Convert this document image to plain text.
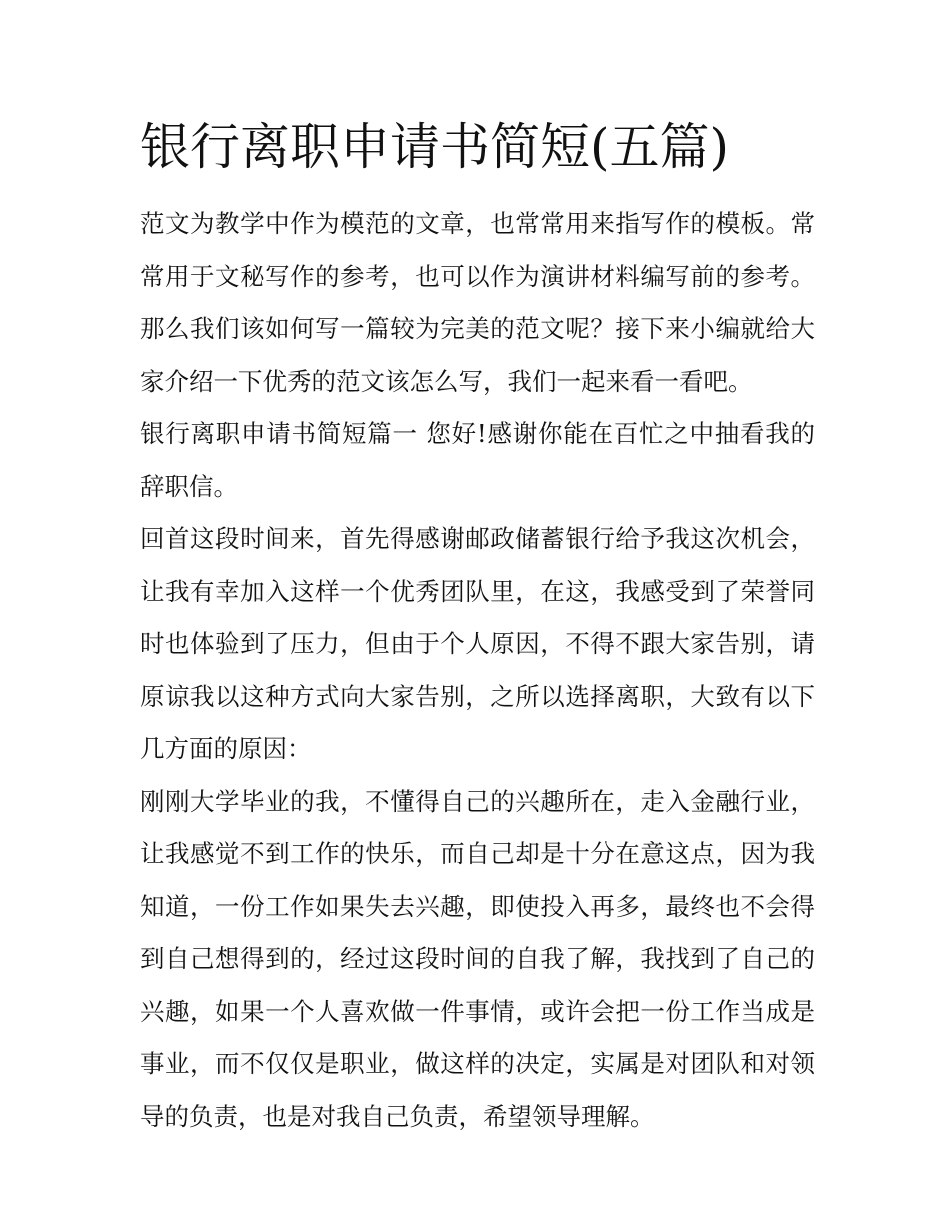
银行离职申请书简短(五篇)

范文为教学中作为模范的文章，也常常用来指写作的模板。常常用于文秘写作的参考，也可以作为演讲材料编写前的参考。那么我们该如何写一篇较为完美的范文呢？接下来小编就给大家介绍一下优秀的范文该怎么写，我们一起来看一看吧。

银行离职申请书简短篇一 您好!感谢你能在百忙之中抽看我的辞职信。

回首这段时间来，首先得感谢邮政储蓄银行给予我这次机会，让我有幸加入这样一个优秀团队里，在这，我感受到了荣誉同时也体验到了压力，但由于个人原因，不得不跟大家告别，请原谅我以这种方式向大家告别，之所以选择离职，大致有以下几方面的原因：

刚刚大学毕业的我，不懂得自己的兴趣所在，走入金融行业，让我感觉不到工作的快乐，而自己却是十分在意这点，因为我知道，一份工作如果失去兴趣，即使投入再多，最终也不会得到自己想得到的，经过这段时间的自我了解，我找到了自己的兴趣，如果一个人喜欢做一件事情，或许会把一份工作当成是事业，而不仅仅是职业，做这样的决定，实属是对团队和对领导的负责，也是对我自己负责，希望领导理解。
